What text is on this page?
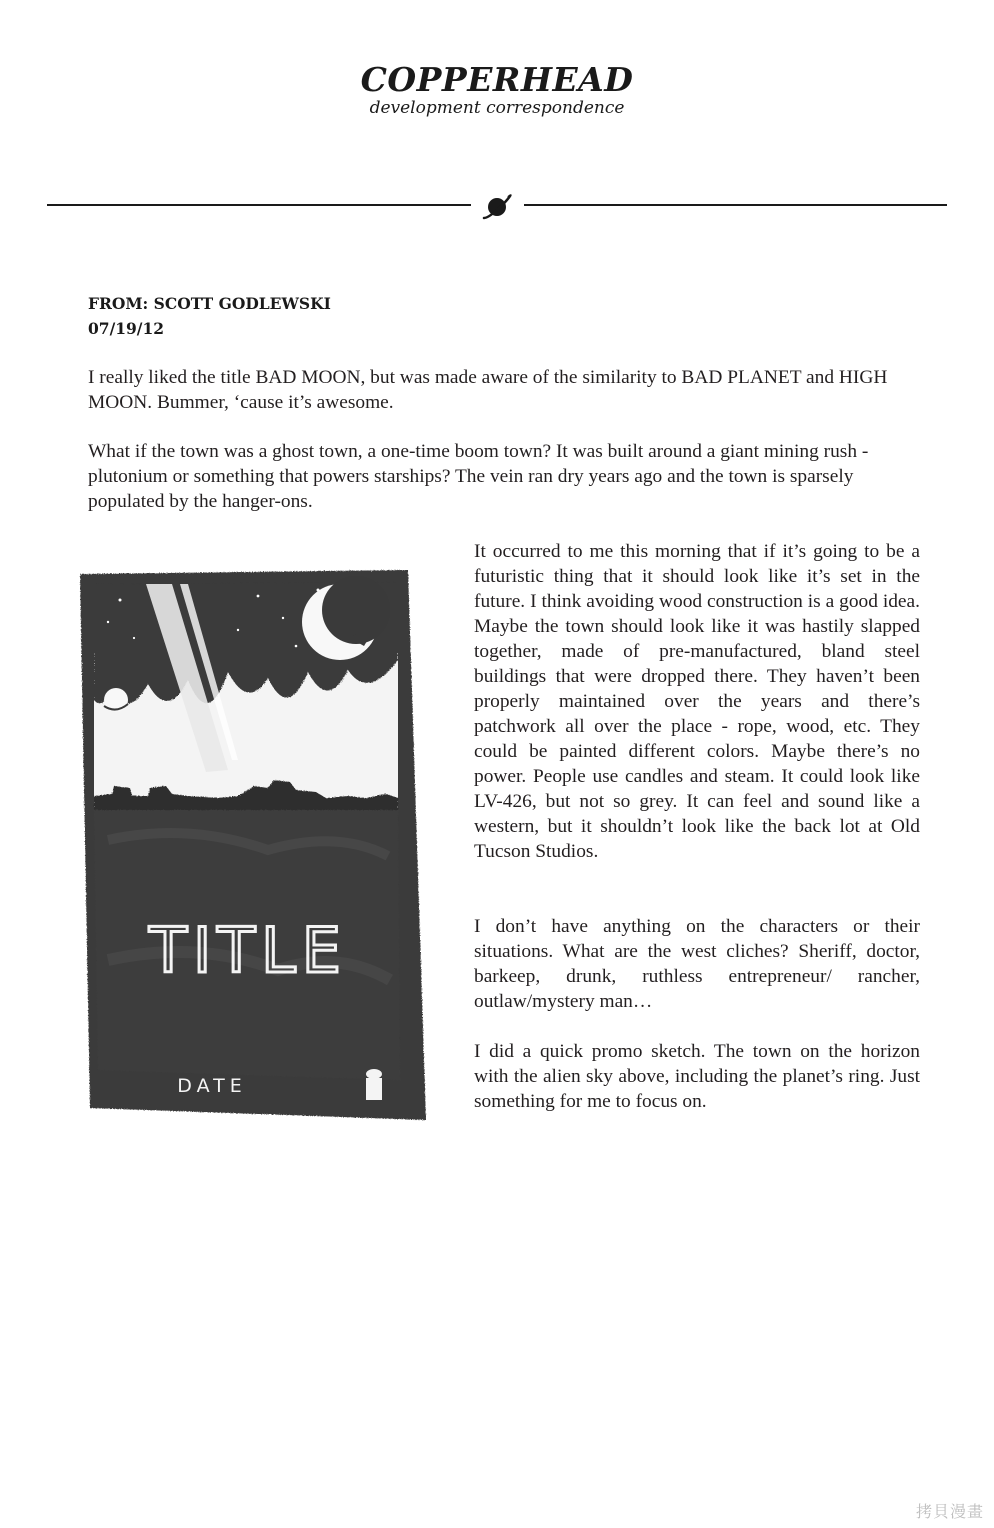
COPPERHEAD
development correspondence
FROM: SCOTT GODLEWSKI
07/19/12

I really liked the title BAD MOON, but was made aware of the similarity to BAD PLANET and HIGH MOON. Bummer, ‘cause it’s awesome.

What if the town was a ghost town, a one-time boom town? It was built around a giant mining rush - plutonium or something that powers starships? The vein ran dry years ago and the town is sparsely populated by the hanger-ons.

TITLE
DATE

It occurred to me this morning that if it’s going to be a futuristic thing that it should look like it’s set in the future. I think avoiding wood construction is a good idea. Maybe the town should look like it was hastily slapped together, made of pre-manufactured, bland steel buildings that were dropped there. They haven’t been properly maintained over the years and there’s patchwork all over the place - rope, wood, etc. They could be painted different colors. Maybe there’s no power. People use candles and steam. It could look like LV-426, but not so grey. It can feel and sound like a western, but it shouldn’t look like the back lot at Old Tucson Studios.

I don’t have anything on the characters or their situations. What are the west cliches? Sheriff, doctor, barkeep, drunk, ruthless entrepreneur/ rancher, outlaw/mystery man…

I did a quick promo sketch. The town on the horizon with the alien sky above, including the planet’s ring. Just something for me to focus on.

拷貝漫畫
